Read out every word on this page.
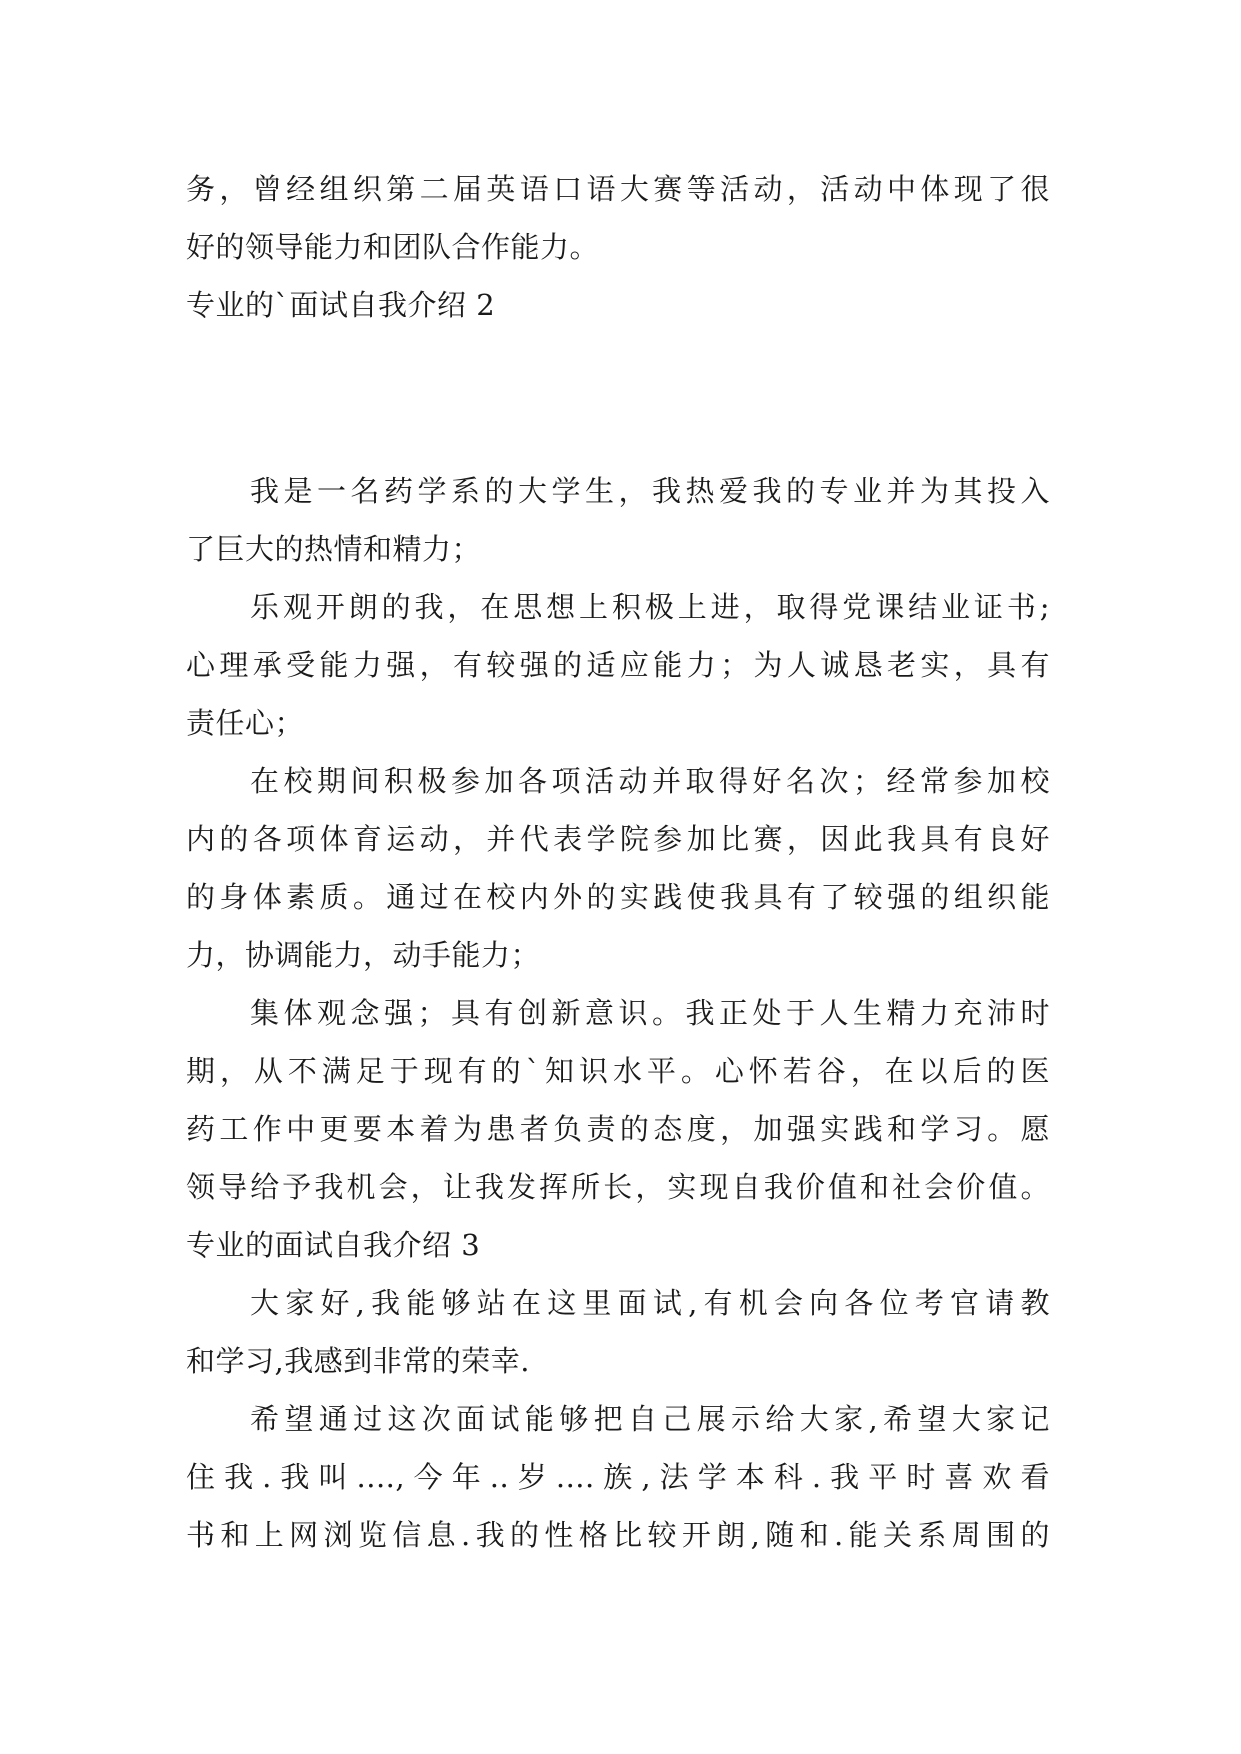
务，曾经组织第二届英语口语大赛等活动，活动中体现了很
好的领导能力和团队合作能力。
专业的`面试自我介绍 2
我是一名药学系的大学生，我热爱我的专业并为其投入
了巨大的热情和精力；
乐观开朗的我，在思想上积极上进，取得党课结业证书;
心理承受能力强，有较强的适应能力；为人诚恳老实，具有
责任心；
在校期间积极参加各项活动并取得好名次；经常参加校
内的各项体育运动，并代表学院参加比赛，因此我具有良好
的身体素质。通过在校内外的实践使我具有了较强的组织能
力，协调能力，动手能力；
集体观念强；具有创新意识。我正处于人生精力充沛时
期，从不满足于现有的`知识水平。心怀若谷，在以后的医
药工作中更要本着为患者负责的态度，加强实践和学习。愿
领导给予我机会，让我发挥所长，实现自我价值和社会价值。
专业的面试自我介绍 3
大家好,我能够站在这里面试,有机会向各位考官请教
和学习,我感到非常的荣幸.
希望通过这次面试能够把自己展示给大家,希望大家记
住我.我叫....,今年..岁....族,法学本科.我平时喜欢看
书和上网浏览信息.我的性格比较开朗,随和.能关系周围的
